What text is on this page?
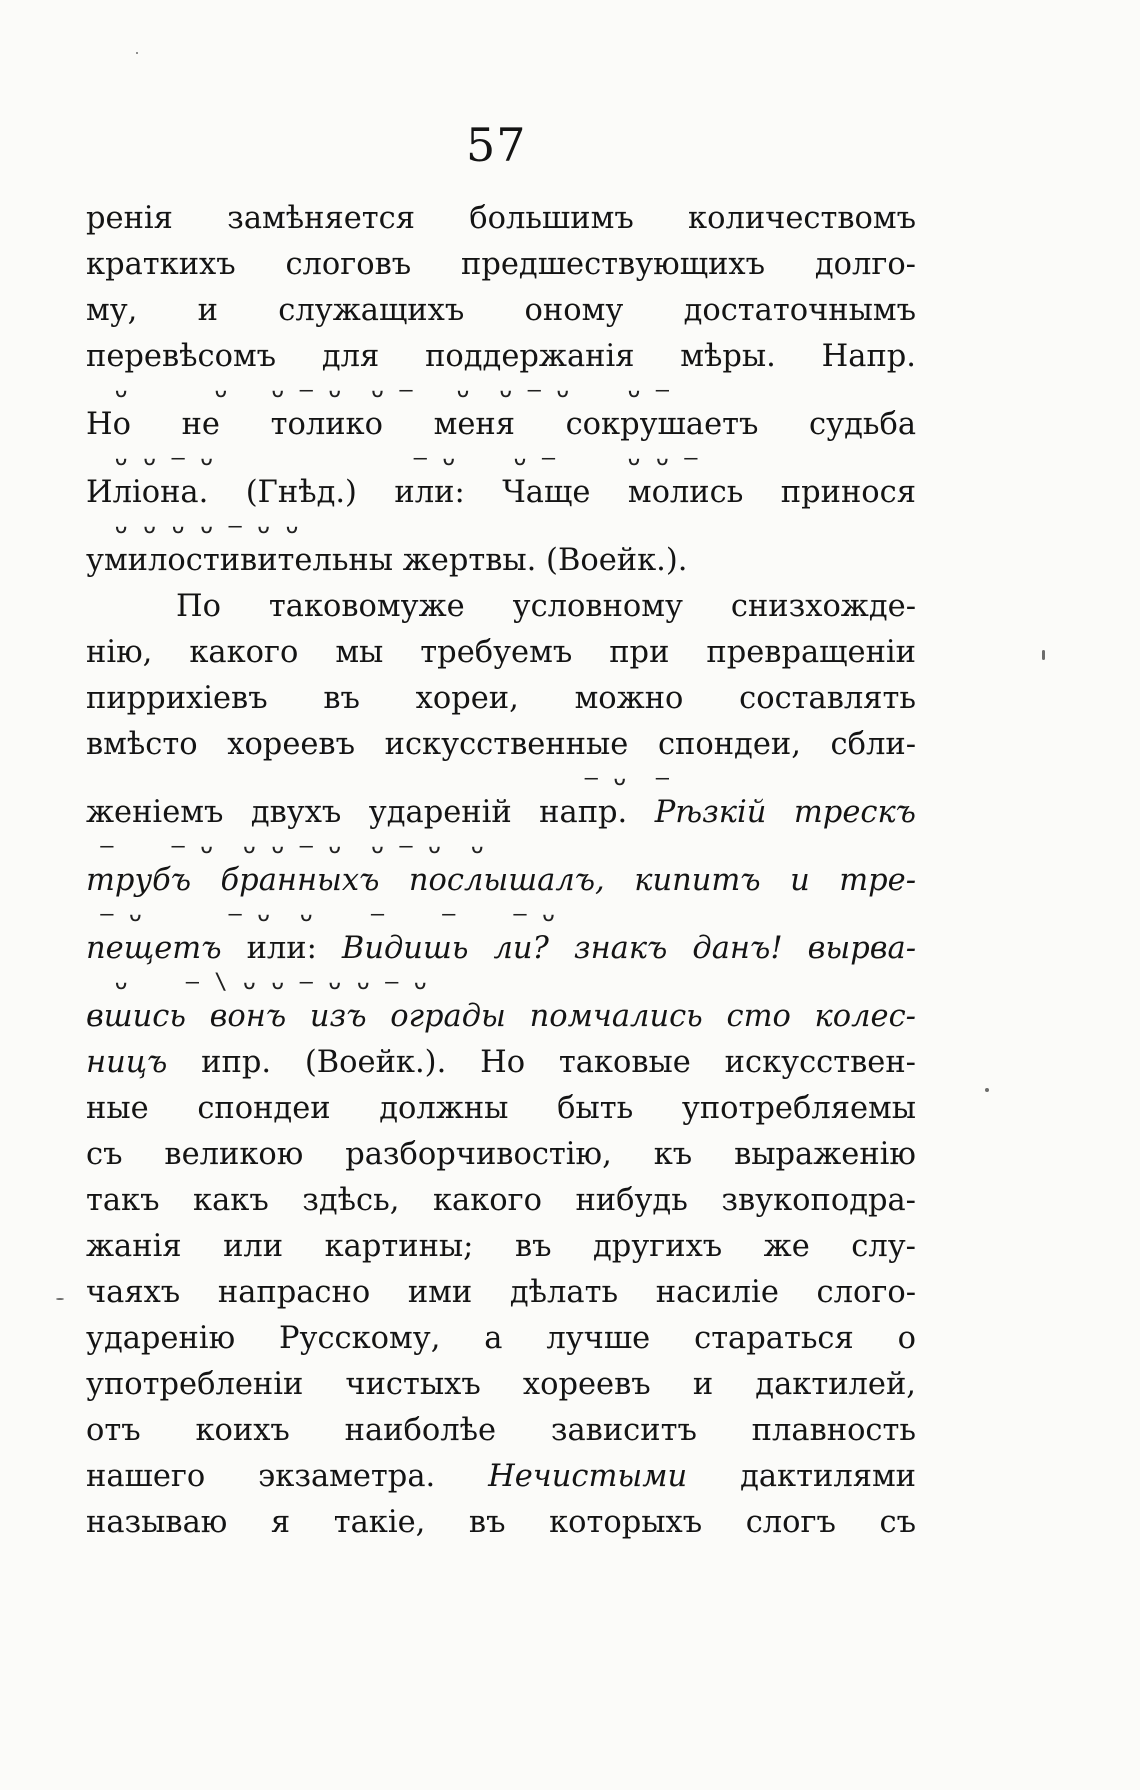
57
ренія замѣняется большимъ количествомъ
краткихъ слоговъ предшествующихъ долго-
му, и служащихъ оному достаточнымъ
перевѣсомъ для поддержанія мѣры. Напр.
ᴗ      ᴗ   ᴗ — ᴗ  ᴗ —   ᴗ  ᴗ — ᴗ    ᴗ —
Но не толико меня сокрушаетъ судьба
ᴗ ᴗ — ᴗ              — ᴗ    ᴗ —     ᴗ ᴗ —
Иліона. (Гнѣд.) или: Чаще молись принося
ᴗ ᴗ ᴗ ᴗ — ᴗ ᴗ
умилостивительны жертвы. (Воейк.).
По таковомуже условному снизхожде-
нію, какого мы требуемъ при превращеніи
пиррихіевъ въ хореи, можно составлять
вмѣсто хореевъ искусственные спондеи, сбли-
— ᴗ  —
женіемъ двухъ удареній напр. Рѣзкій трескъ
—    — ᴗ  ᴗ ᴗ — ᴗ  ᴗ — ᴗ  ᴗ
трубъ бранныхъ послышалъ, кипитъ и тре-
— ᴗ      — ᴗ  ᴗ    —    —    — ᴗ
пещетъ или: Видишь ли? знакъ данъ! вырва-
ᴗ    — \ ᴗ ᴗ — ᴗ ᴗ — ᴗ
вшись вонъ изъ ограды помчались сто колес-
ницъ ипр. (Воейк.). Но таковые искусствен-
ные спондеи должны быть употребляемы
съ великою разборчивостію, къ выраженію
такъ какъ здѣсь, какого нибудь звукоподра-
жанія или картины; въ другихъ же слу-
чаяхъ напрасно ими дѣлать насиліе слого-
ударенію Русскому, а лучше стараться о
употребленіи чистыхъ хореевъ и дактилей,
отъ коихъ наиболѣе зависитъ плавность
нашего экзаметра. Нечистыми дактилями
называю я такіе, въ которыхъ слогъ съ
